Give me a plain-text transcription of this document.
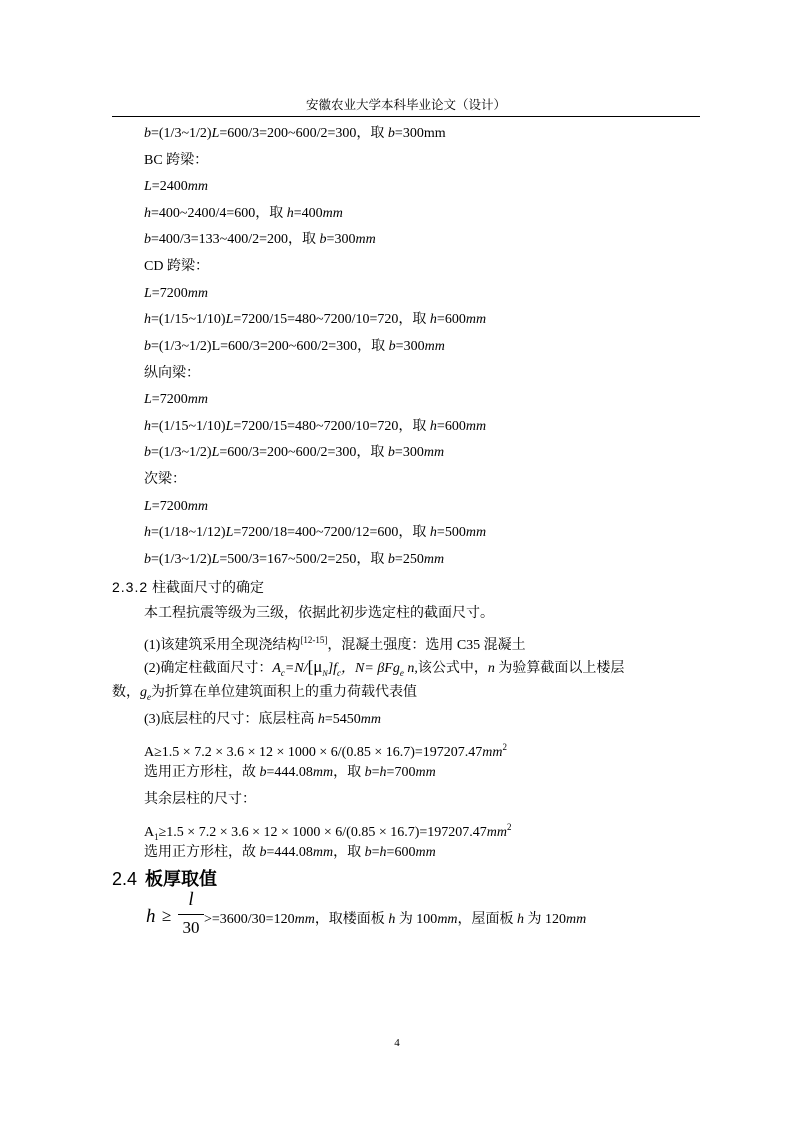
安徽农业大学本科毕业论文（设计）
b=(1/3~1/2)L=600/3=200~600/2=300，取 b=300mm
BC 跨梁：
L=2400mm
h=400~2400/4=600，取 h=400mm
b=400/3=133~400/2=200，取 b=300mm
CD 跨梁：
L=7200mm
h=(1/15~1/10)L=7200/15=480~7200/10=720，取 h=600mm
b=(1/3~1/2)L=600/3=200~600/2=300，取 b=300mm
纵向梁：
L=7200mm
h=(1/15~1/10)L=7200/15=480~7200/10=720，取 h=600mm
b=(1/3~1/2)L=600/3=200~600/2=300，取 b=300mm
次梁：
L=7200mm
h=(1/18~1/12)L=7200/18=400~7200/12=600，取 h=500mm
b=(1/3~1/2)L=500/3=167~500/2=250，取 b=250mm
2.3.2 柱截面尺寸的确定
本工程抗震等级为三级，依据此初步选定柱的截面尺寸。
(1)该建筑采用全现浇结构[12-15]，混凝土强度：选用 C35 混凝土
(2)确定柱截面尺寸：$A_c=N/[\mu_N]f_c$，N= βFg$_e$ n,该公式中，n 为验算截面以上楼层
数，$g_e$为折算在单位建筑面积上的重力荷载代表值
(3)底层柱的尺寸：底层柱高 h=5450mm
$A\ge 1.5 \times 7.2 \times 3.6 \times 12 \times 1000 \times 6/(0.85 \times 16.7)=197207.47mm^2$
选用正方形柱，故 b=444.08mm，取 b=h=700mm
其余层柱的尺寸：
$A_1\ge 1.5 \times 7.2 \times 3.6 \times 12 \times 1000 \times 6/(0.85 \times 16.7)=197207.47mm^2$
选用正方形柱，故 b=444.08mm，取 b=h=600mm
2.4 板厚取值
h ≥
l
30 >=3600/30=120mm，取楼面板 h 为 100mm，屋面板 h 为 120mm
4
